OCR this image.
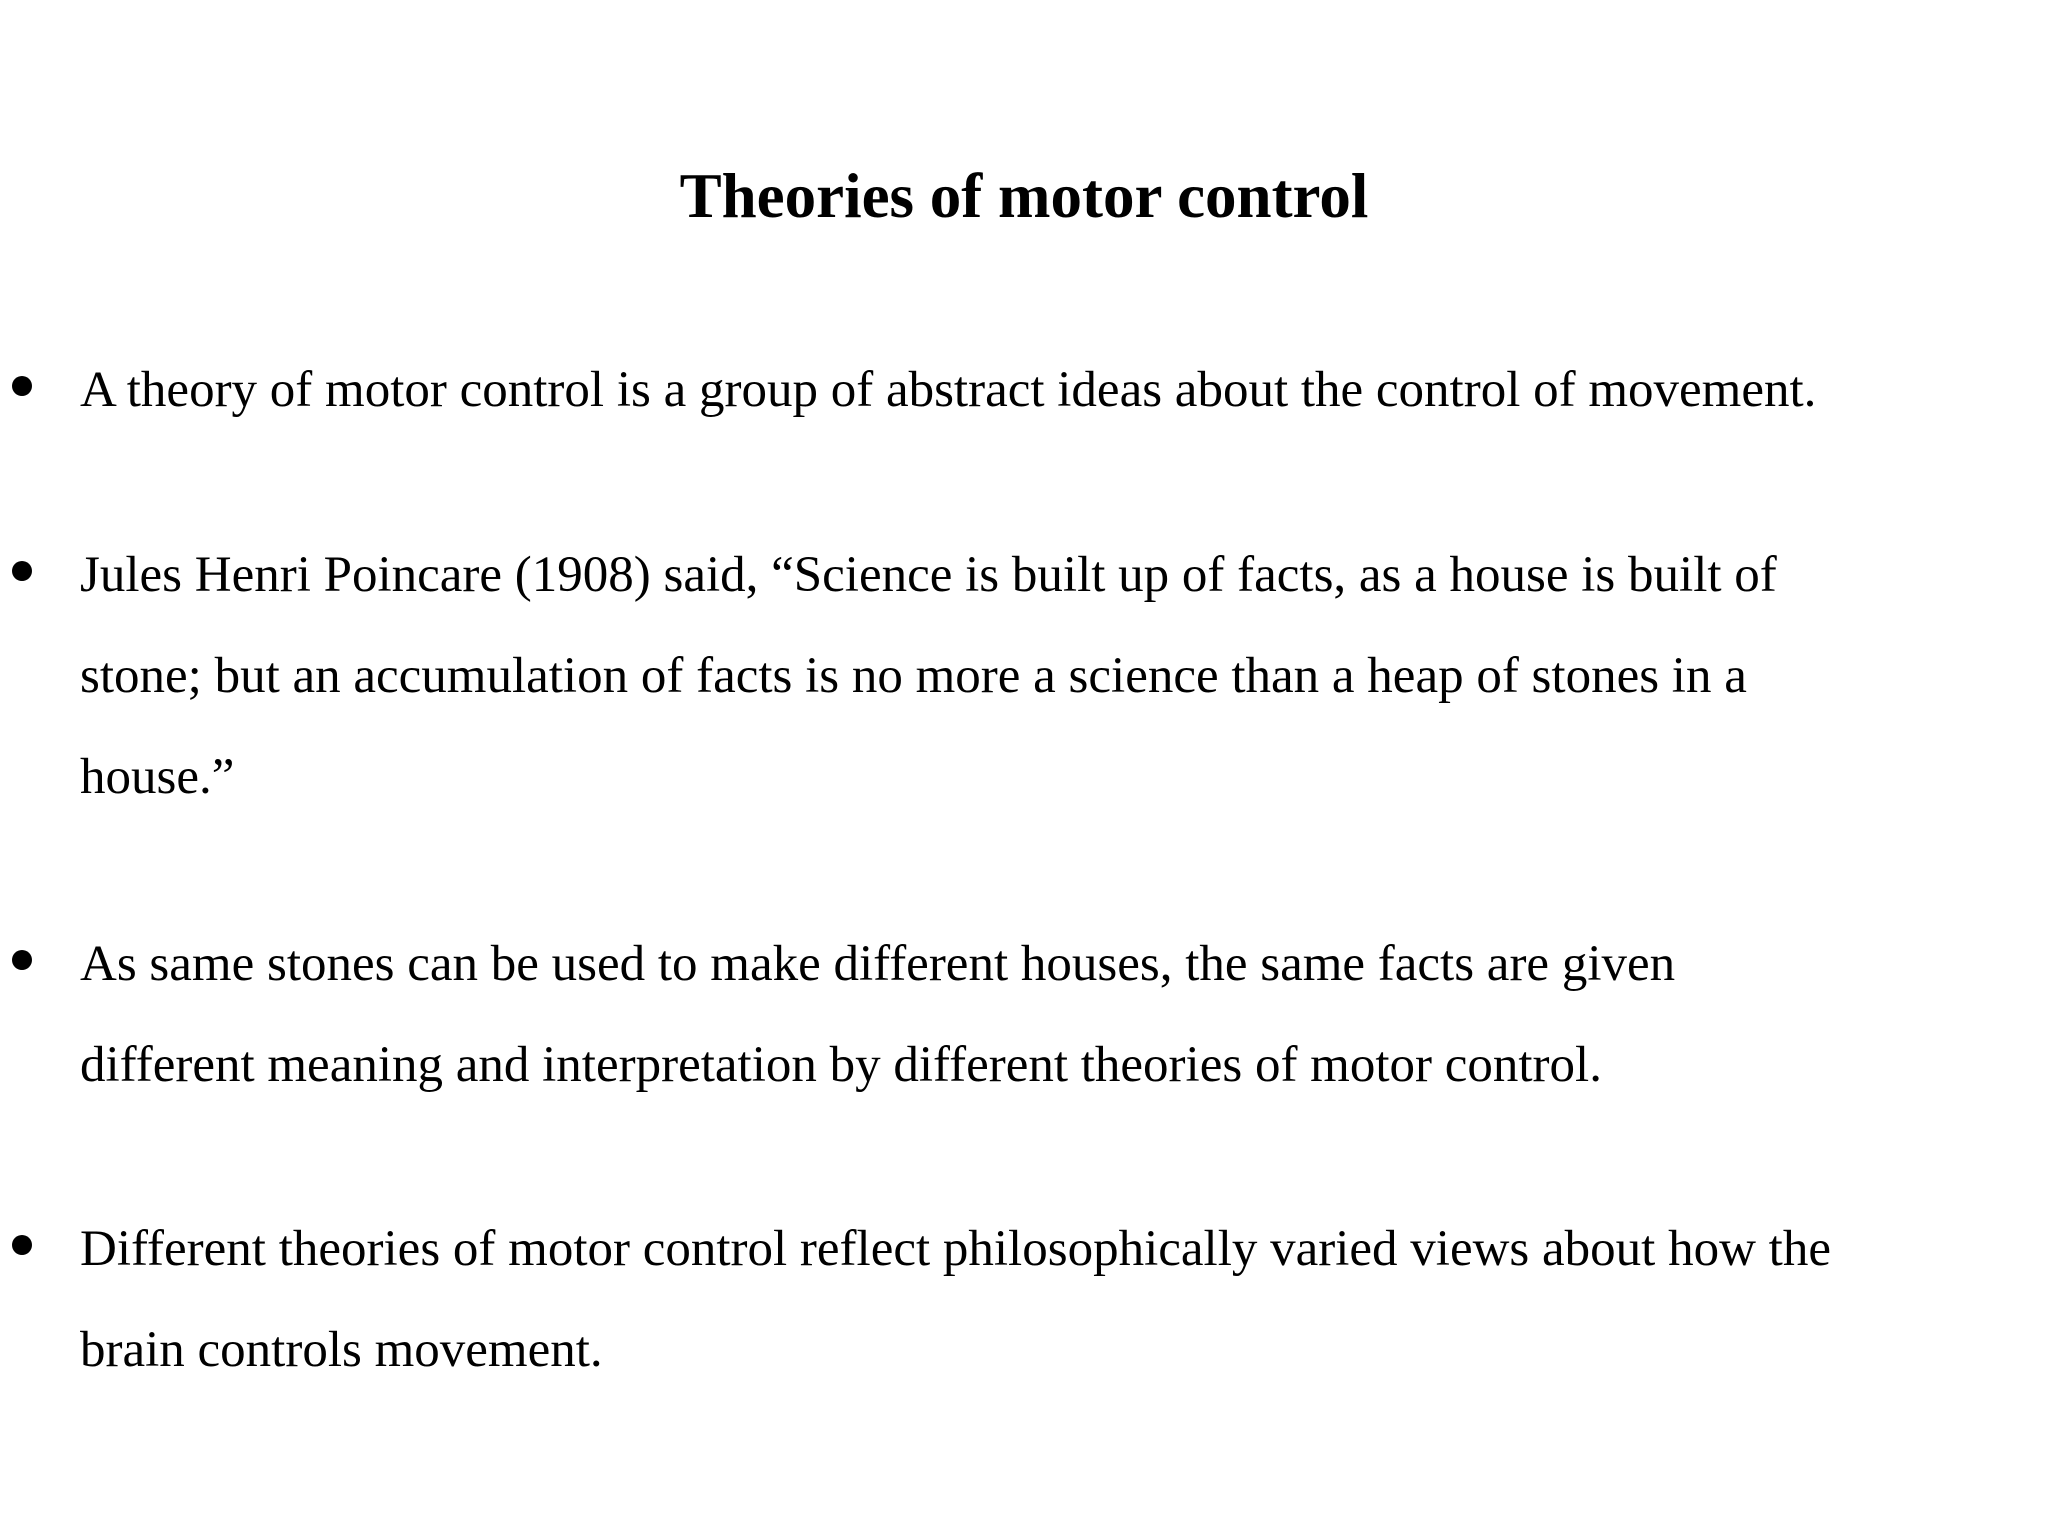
Theories of motor control
A theory of motor control is a group of abstract ideas about the control of movement.
Jules Henri Poincare (1908) said, “Science is built up of facts, as a house is built of
stone; but an accumulation of facts is no more a science than a heap of stones in a
house.”
As same stones can be used to make different houses, the same facts are given
different meaning and interpretation by different theories of motor control.
Different theories of motor control reflect philosophically varied views about how the
brain controls movement.
